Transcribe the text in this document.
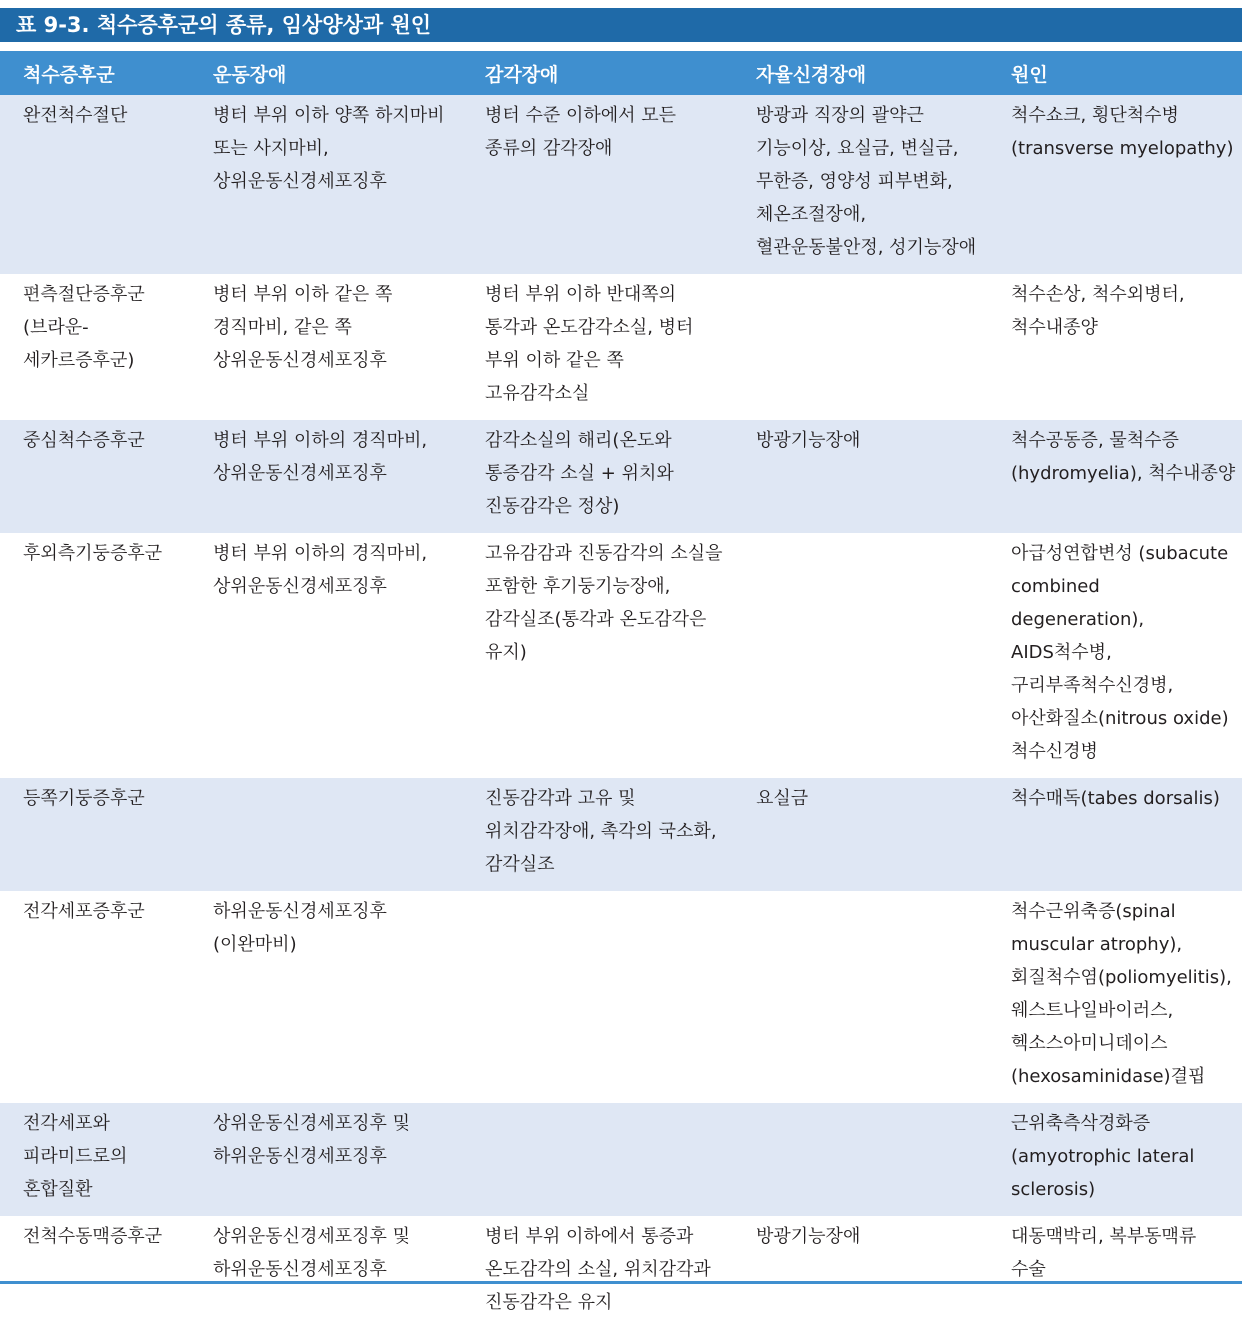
표 9-3. 척수증후군의 종류, 임상양상과 원인
척수증후군	운동장애	감각장애	자율신경장애	원인
완전척수절단	병터 부위 이하 양쪽 하지마비 또는 사지마비, 상위운동신경세포징후	병터 수준 이하에서 모든 종류의 감각장애	방광과 직장의 괄약근 기능이상, 요실금, 변실금, 무한증, 영양성 피부변화, 체온조절장애, 혈관운동불안정, 성기능장애	척수쇼크, 횡단척수병 (transverse myelopathy)
편측절단증후군 (브라운-세카르증후군)	병터 부위 이하 같은 쪽 경직마비, 같은 쪽 상위운동신경세포징후	병터 부위 이하 반대쪽의 통각과 온도감각소실, 병터 부위 이하 같은 쪽 고유감각소실		척수손상, 척수외병터, 척수내종양
중심척수증후군	병터 부위 이하의 경직마비, 상위운동신경세포징후	감각소실의 해리(온도와 통증감각 소실 + 위치와 진동감각은 정상)	방광기능장애	척수공동증, 물척수증 (hydromyelia), 척수내종양
후외측기둥증후군	병터 부위 이하의 경직마비, 상위운동신경세포징후	고유감감과 진동감각의 소실을 포함한 후기둥기능장애, 감각실조(통각과 온도감각은 유지)		아급성연합변성 (subacute combined degeneration), AIDS척수병, 구리부족척수신경병, 아산화질소(nitrous oxide)척수신경병
등쪽기둥증후군		진동감각과 고유 및 위치감각장애, 촉각의 국소화, 감각실조	요실금	척수매독(tabes dorsalis)
전각세포증후군	하위운동신경세포징후(이완마비)			척수근위축증(spinal muscular atrophy), 회질척수염(poliomyelitis), 웨스트나일바이러스, 헥소스아미니데이스 (hexosaminidase)결핍
전각세포와 피라미드로의 혼합질환	상위운동신경세포징후 및 하위운동신경세포징후			근위축측삭경화증 (amyotrophic lateral sclerosis)
전척수동맥증후군	상위운동신경세포징후 및 하위운동신경세포징후	병터 부위 이하에서 통증과 온도감각의 소실, 위치감각과 진동감각은 유지	방광기능장애	대동맥박리, 복부동맥류 수술
